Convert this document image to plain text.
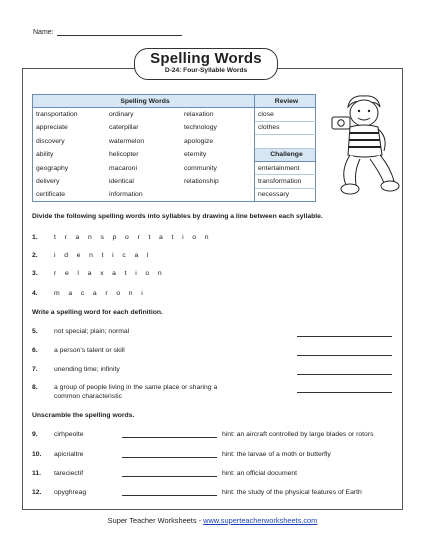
Name:
Spelling Words
D-24: Four-Syllable Words
Spelling Words			Review
transportation	ordinary	relaxation	close
appreciate	caterpillar	technology	clothes
discovery	watermelon	apologize	
ability	helicopter	eternity	Challenge
geography	macaroni	community	entertainment
delivery	identical	relationship	transformation
certificate	information		necessary
Divide the following spelling words into syllables by drawing a line between each syllable.
1. t r a n s p o r t a t i o n
2. i d e n t i c a l
3. r e l a x a t i o n
4. m a c a r o n i
Write a spelling word for each definition.
5. not special; plain; normal
6. a person's talent or skill
7. unending time; infinity
8. a group of people living in the same place or sharing a
common characteristic
Unscramble the spelling words.
9. cirhpeolte	hint: an aircraft controlled by large blades or rotors
10. apicrialtre	hint: the larvae of a moth or butterfly
11. tareciectif	hint: an official document
12. opyghreag	hint: the study of the physical features of Earth
Super Teacher Worksheets - www.superteacherworksheets.com
